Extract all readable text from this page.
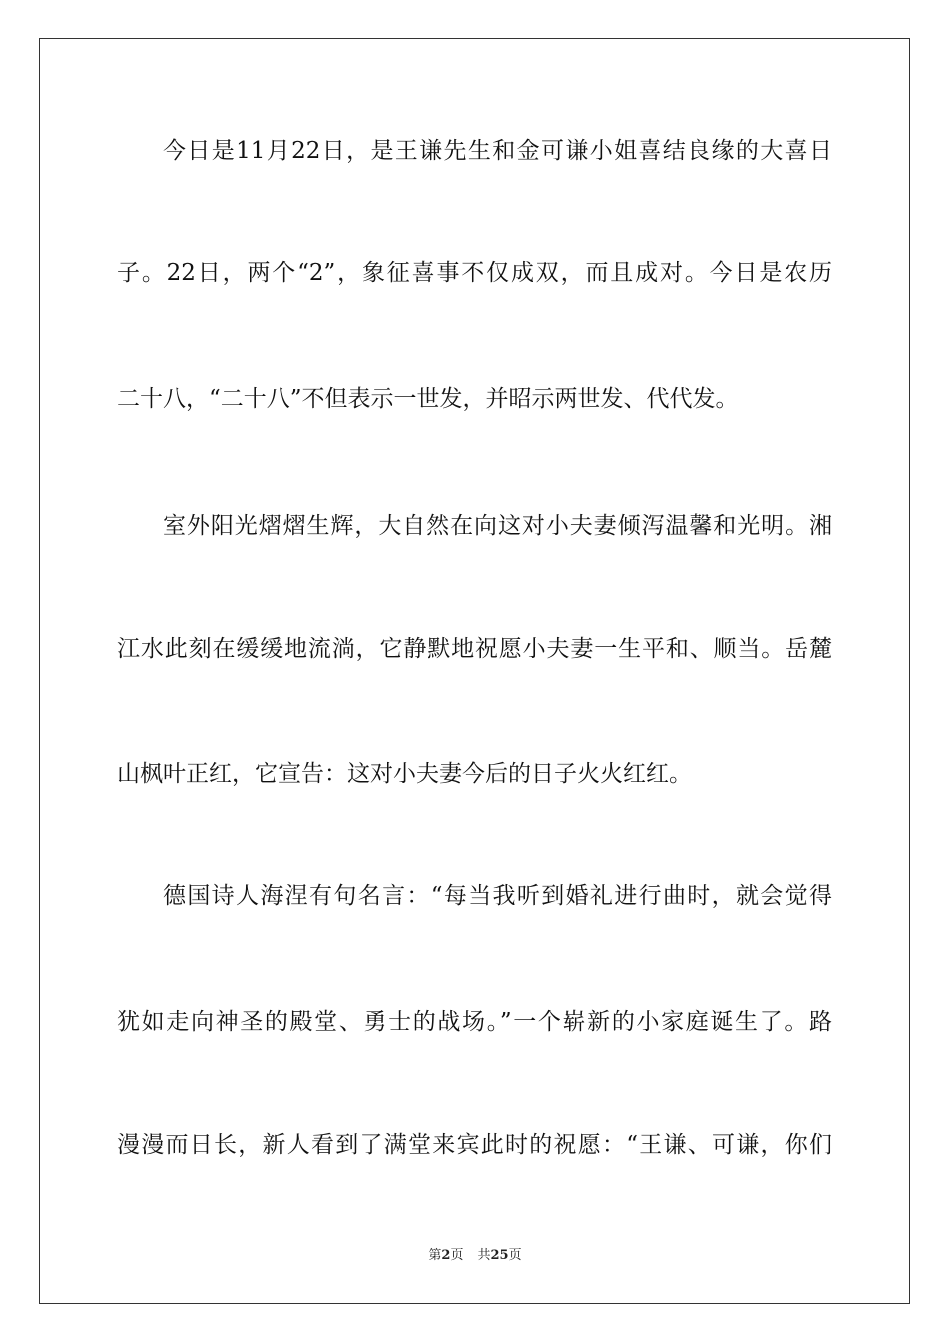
今日是11月22日，是王谦先生和金可谦小姐喜结良缘的大喜日
子。22日，两个“2”，象征喜事不仅成双，而且成对。今日是农历
二十八，“二十八”不但表示一世发，并昭示两世发、代代发。
室外阳光熠熠生辉，大自然在向这对小夫妻倾泻温馨和光明。湘
江水此刻在缓缓地流淌，它静默地祝愿小夫妻一生平和、顺当。岳麓
山枫叶正红，它宣告：这对小夫妻今后的日子火火红红。
德国诗人海涅有句名言：“每当我听到婚礼进行曲时，就会觉得
犹如走向神圣的殿堂、勇士的战场。”一个崭新的小家庭诞生了。路
漫漫而日长，新人看到了满堂来宾此时的祝愿：“王谦、可谦，你们
第2页 共25页
